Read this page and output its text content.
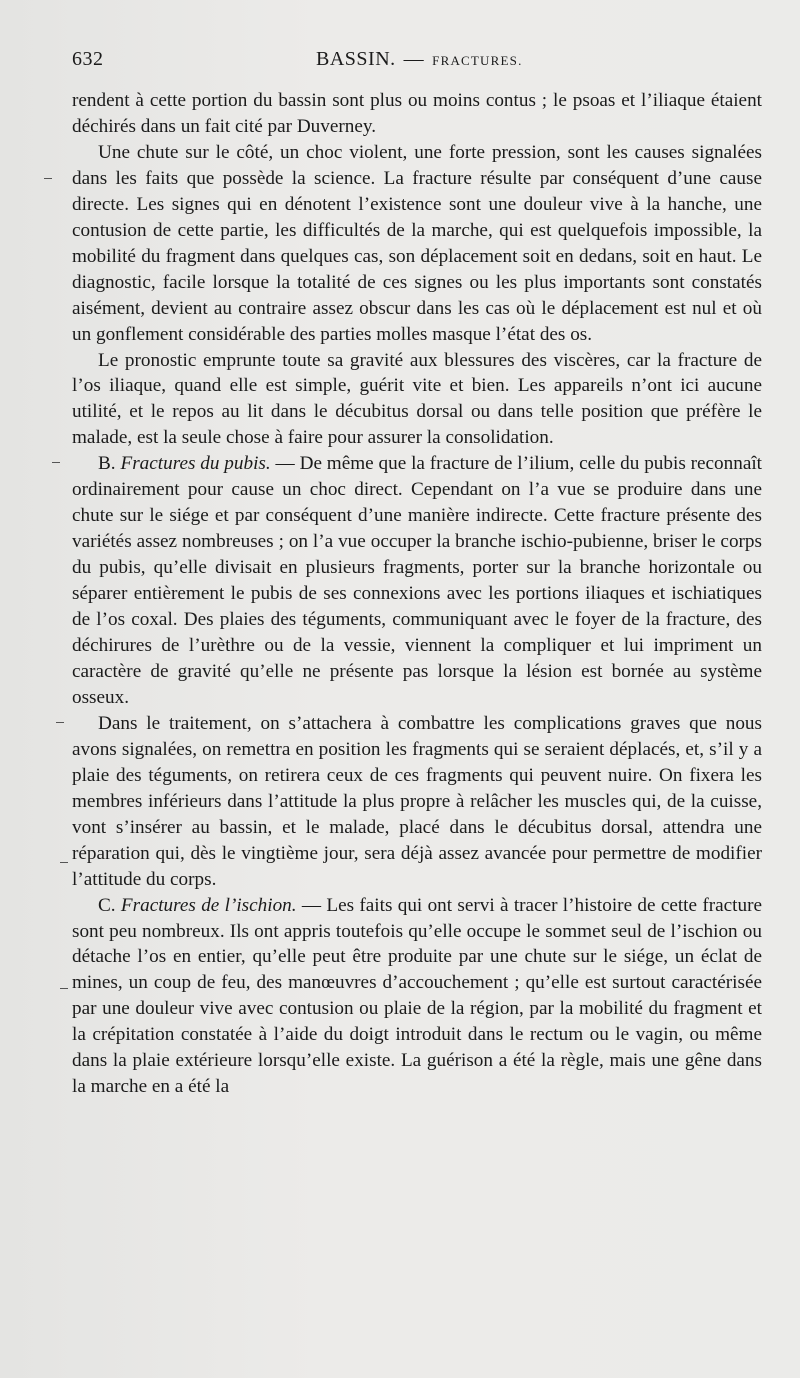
632	BASSIN. — FRACTURES.

rendent à cette portion du bassin sont plus ou moins contus ; le psoas et l’iliaque étaient déchirés dans un fait cité par Duverney.

Une chute sur le côté, un choc violent, une forte pression, sont les causes signalées dans les faits que possède la science. La fracture résulte par conséquent d’une cause directe. Les signes qui en dénotent l’existence sont une douleur vive à la hanche, une contusion de cette partie, les difficultés de la marche, qui est quelquefois impossible, la mobilité du fragment dans quelques cas, son déplacement soit en dedans, soit en haut. Le diagnostic, facile lorsque la totalité de ces signes ou les plus importants sont constatés aisément, devient au contraire assez obscur dans les cas où le déplacement est nul et où un gonflement considérable des parties molles masque l’état des os.

Le pronostic emprunte toute sa gravité aux blessures des viscères, car la fracture de l’os iliaque, quand elle est simple, guérit vite et bien. Les appareils n’ont ici aucune utilité, et le repos au lit dans le décubitus dorsal ou dans telle position que préfère le malade, est la seule chose à faire pour assurer la consolidation.

B. Fractures du pubis. — De même que la fracture de l’ilium, celle du pubis reconnaît ordinairement pour cause un choc direct. Cependant on l’a vue se produire dans une chute sur le siége et par conséquent d’une manière indirecte. Cette fracture présente des variétés assez nombreuses ; on l’a vue occuper la branche ischio-pubienne, briser le corps du pubis, qu’elle divisait en plusieurs fragments, porter sur la branche horizontale ou séparer entièrement le pubis de ses connexions avec les portions iliaques et ischiatiques de l’os coxal. Des plaies des téguments, communiquant avec le foyer de la fracture, des déchirures de l’urèthre ou de la vessie, viennent la compliquer et lui impriment un caractère de gravité qu’elle ne présente pas lorsque la lésion est bornée au système osseux.

Dans le traitement, on s’attachera à combattre les complications graves que nous avons signalées, on remettra en position les fragments qui se seraient déplacés, et, s’il y a plaie des téguments, on retirera ceux de ces fragments qui peuvent nuire. On fixera les membres inférieurs dans l’attitude la plus propre à relâcher les muscles qui, de la cuisse, vont s’insérer au bassin, et le malade, placé dans le décubitus dorsal, attendra une réparation qui, dès le vingtième jour, sera déjà assez avancée pour permettre de modifier l’attitude du corps.

C. Fractures de l’ischion. — Les faits qui ont servi à tracer l’histoire de cette fracture sont peu nombreux. Ils ont appris toutefois qu’elle occupe le sommet seul de l’ischion ou détache l’os en entier, qu’elle peut être produite par une chute sur le siége, un éclat de mines, un coup de feu, des manœuvres d’accouchement ; qu’elle est surtout caractérisée par une douleur vive avec contusion ou plaie de la région, par la mobilité du fragment et la crépitation constatée à l’aide du doigt introduit dans le rectum ou le vagin, ou même dans la plaie extérieure lorsqu’elle existe. La guérison a été la règle, mais une gêne dans la marche en a été la
